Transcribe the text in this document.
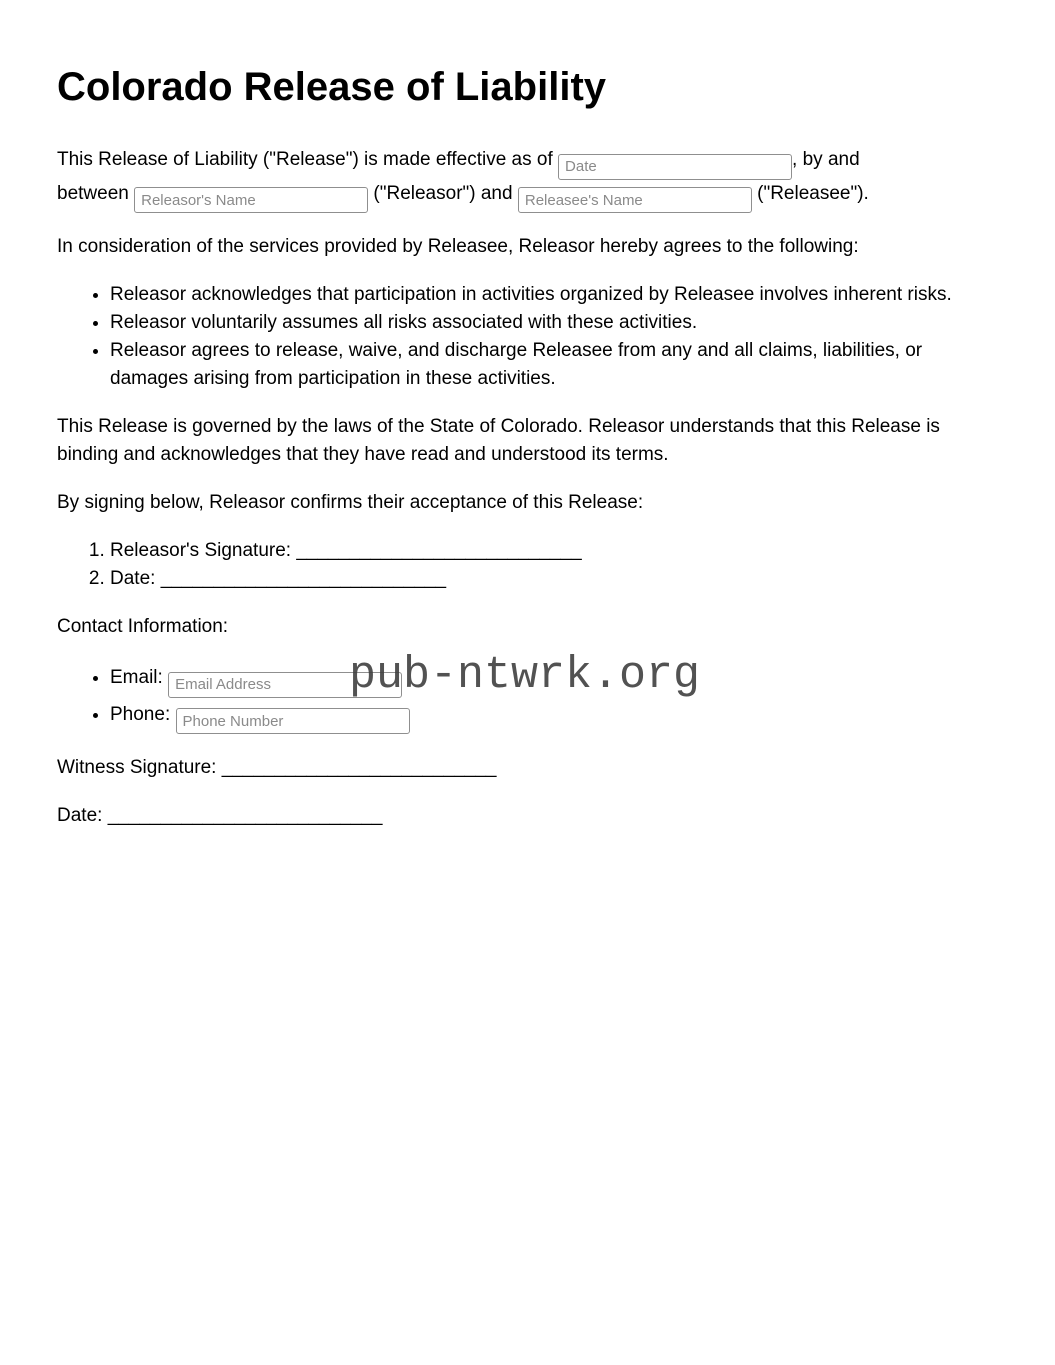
Colorado Release of Liability

This Release of Liability ("Release") is made effective as of Date	, by and
between Releasor's Name	("Releasor") and Releasee's Name	("Releasee").

In consideration of the services provided by Releasee, Releasor hereby agrees to the following:

• Releasor acknowledges that participation in activities organized by Releasee involves inherent risks.
• Releasor voluntarily assumes all risks associated with these activities.
• Releasor agrees to release, waive, and discharge Releasee from any and all claims, liabilities, or damages arising from participation in these activities.

This Release is governed by the laws of the State of Colorado. Releasor understands that this Release is binding and acknowledges that they have read and understood its terms.

By signing below, Releasor confirms their acceptance of this Release:

1. Releasor's Signature: ___________________________
2. Date: ___________________________

Contact Information:

• Email: Email Address
• Phone: Phone Number

Witness Signature: __________________________

Date: __________________________

pub-ntwrk.org
